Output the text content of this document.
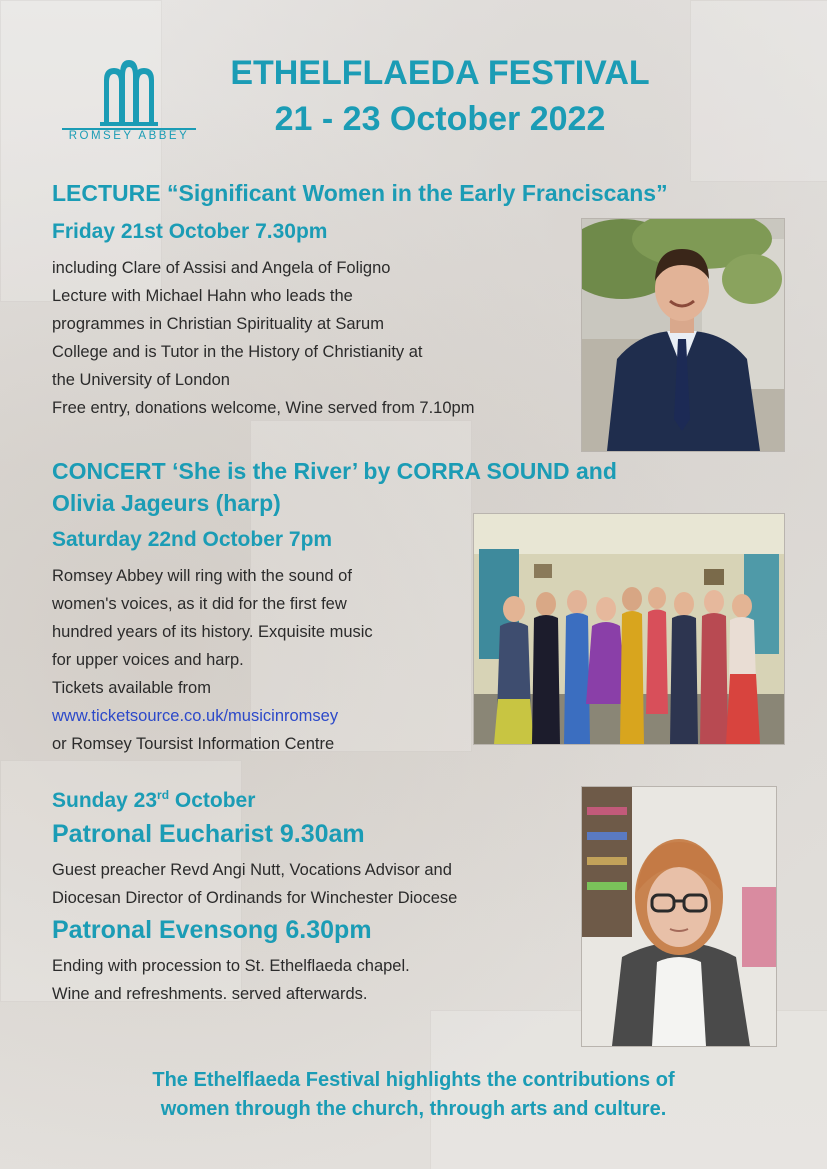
ROMSEY ABBEY
ETHELFLAEDA FESTIVAL
21 - 23 October 2022
LECTURE “Significant Women in the Early Franciscans”
Friday 21st October 7.30pm
including Clare of Assisi and Angela of Foligno
Lecture with Michael Hahn who leads the
programmes in Christian Spirituality at Sarum
College and is Tutor in the History of Christianity at
the University of London
Free entry, donations welcome, Wine served from 7.10pm
CONCERT ‘She is the River’ by CORRA SOUND and
Olivia Jageurs (harp)
Saturday 22nd October 7pm
Romsey Abbey will ring with the sound of
women's voices, as it did for the first few
hundred years of its history. Exquisite music
for upper voices and harp.
Tickets available from
www.ticketsource.co.uk/musicinromsey
or Romsey Toursist Information Centre
Sunday 23rd October
Patronal Eucharist 9.30am
Guest preacher Revd Angi Nutt, Vocations Advisor and
Diocesan Director of Ordinands for Winchester Diocese
Patronal Evensong 6.30pm
Ending with procession to St. Ethelflaeda chapel.
Wine and refreshments. served afterwards.
The Ethelflaeda Festival highlights the contributions of
women through the church, through arts and culture.
